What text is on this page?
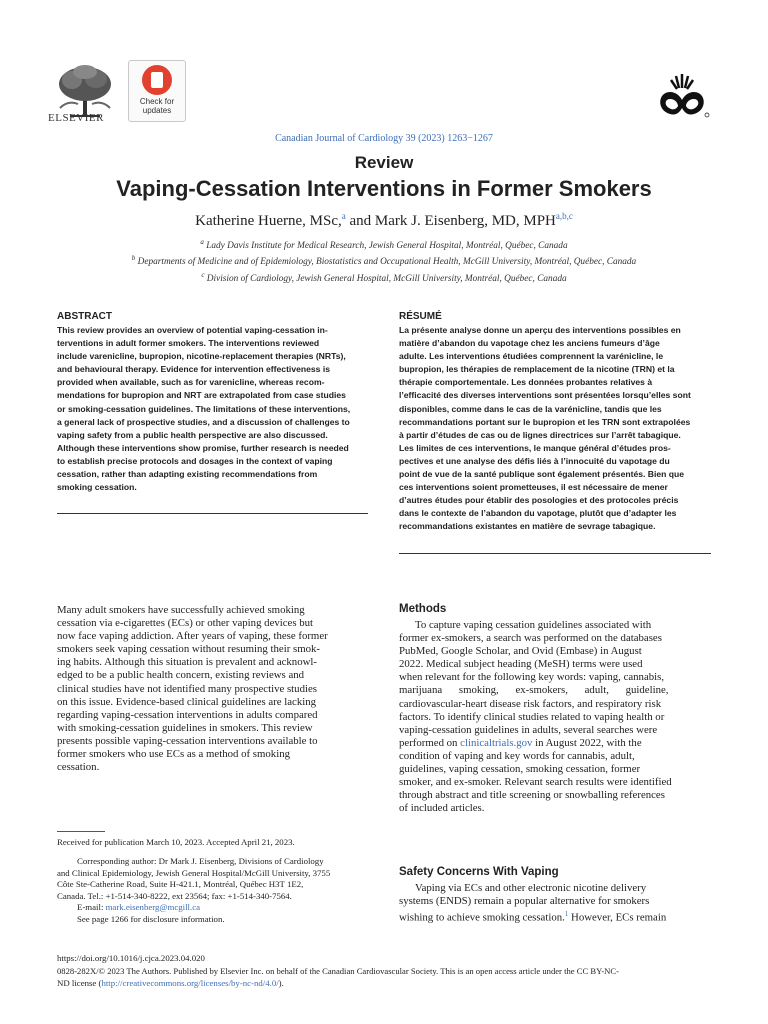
ELSEVIER
Check for
updates
Canadian Journal of Cardiology 39 (2023) 1263−1267
Review
Vaping-Cessation Interventions in Former Smokers
Katherine Huerne, MSc,$^a$ and Mark J. Eisenberg, MD, MPH$^{a,b,c}$
$^a$ Lady Davis Institute for Medical Research, Jewish General Hospital, Montréal, Québec, Canada
$^b$ Departments of Medicine and of Epidemiology, Biostatistics and Occupational Health, McGill University, Montréal, Québec, Canada
$^c$ Division of Cardiology, Jewish General Hospital, McGill University, Montréal, Québec, Canada
ABSTRACT
This review provides an overview of potential vaping-cessation in-
terventions in adult former smokers. The interventions reviewed
include varenicline, bupropion, nicotine-replacement therapies (NRTs),
and behavioural therapy. Evidence for intervention effectiveness is
provided when available, such as for varenicline, whereas recom-
mendations for bupropion and NRT are extrapolated from case studies
or smoking-cessation guidelines. The limitations of these interventions,
a general lack of prospective studies, and a discussion of challenges to
vaping safety from a public health perspective are also discussed.
Although these interventions show promise, further research is needed
to establish precise protocols and dosages in the context of vaping
cessation, rather than adapting existing recommendations from
smoking cessation.
RÉSUMÉ
La présente analyse donne un aperçu des interventions possibles en
matière d’abandon du vapotage chez les anciens fumeurs d’âge
adulte. Les interventions étudiées comprennent la varénicline, le
bupropion, les thérapies de remplacement de la nicotine (TRN) et la
thérapie comportementale. Les données probantes relatives à
l’efficacité des diverses interventions sont présentées lorsqu’elles sont
disponibles, comme dans le cas de la varénicline, tandis que les
recommandations portant sur le bupropion et les TRN sont extrapolées
à partir d’études de cas ou de lignes directrices sur l’arrêt tabagique.
Les limites de ces interventions, le manque général d’études pros-
pectives et une analyse des défis liés à l’innocuité du vapotage du
point de vue de la santé publique sont également présentés. Bien que
ces interventions soient prometteuses, il est nécessaire de mener
d’autres études pour établir des posologies et des protocoles précis
dans le contexte de l’abandon du vapotage, plutôt que d’adapter les
recommandations existantes en matière de sevrage tabagique.
Many adult smokers have successfully achieved smoking
cessation via e-cigarettes (ECs) or other vaping devices but
now face vaping addiction. After years of vaping, these former
smokers seek vaping cessation without resuming their smok-
ing habits. Although this situation is prevalent and acknowl-
edged to be a public health concern, existing reviews and
clinical studies have not identified many prospective studies
on this issue. Evidence-based clinical guidelines are lacking
regarding vaping-cessation interventions in adults compared
with smoking-cessation guidelines in smokers. This review
presents possible vaping-cessation interventions available to
former smokers who use ECs as a method of smoking
cessation.
Received for publication March 10, 2023. Accepted April 21, 2023.
Corresponding author: Dr Mark J. Eisenberg, Divisions of Cardiology
and Clinical Epidemiology, Jewish General Hospital/McGill University, 3755
Côte Ste-Catherine Road, Suite H-421.1, Montréal, Québec H3T 1E2,
Canada. Tel.: +1-514-340-8222, ext 23564; fax: +1-514-340-7564.
E-mail: mark.eisenberg@mcgill.ca
See page 1266 for disclosure information.
Methods
To capture vaping cessation guidelines associated with
former ex-smokers, a search was performed on the databases
PubMed, Google Scholar, and Ovid (Embase) in August
2022. Medical subject heading (MeSH) terms were used
when relevant for the following key words: vaping, cannabis,
marijuana smoking, ex-smokers, adult, guideline,
cardiovascular-heart disease risk factors, and respiratory risk
factors. To identify clinical studies related to vaping health or
vaping-cessation guidelines in adults, several searches were
performed on clinicaltrials.gov in August 2022, with the
condition of vaping and key words for cannabis, adult,
guidelines, vaping cessation, smoking cessation, former
smoker, and ex-smoker. Relevant search results were identified
through abstract and title screening or snowballing references
of included articles.
Safety Concerns With Vaping
Vaping via ECs and other electronic nicotine delivery
systems (ENDS) remain a popular alternative for smokers
wishing to achieve smoking cessation.$^1$ However, ECs remain
https://doi.org/10.1016/j.cjca.2023.04.020
0828-282X/© 2023 The Authors. Published by Elsevier Inc. on behalf of the Canadian Cardiovascular Society. This is an open access article under the CC BY-NC-
ND license (http://creativecommons.org/licenses/by-nc-nd/4.0/).
